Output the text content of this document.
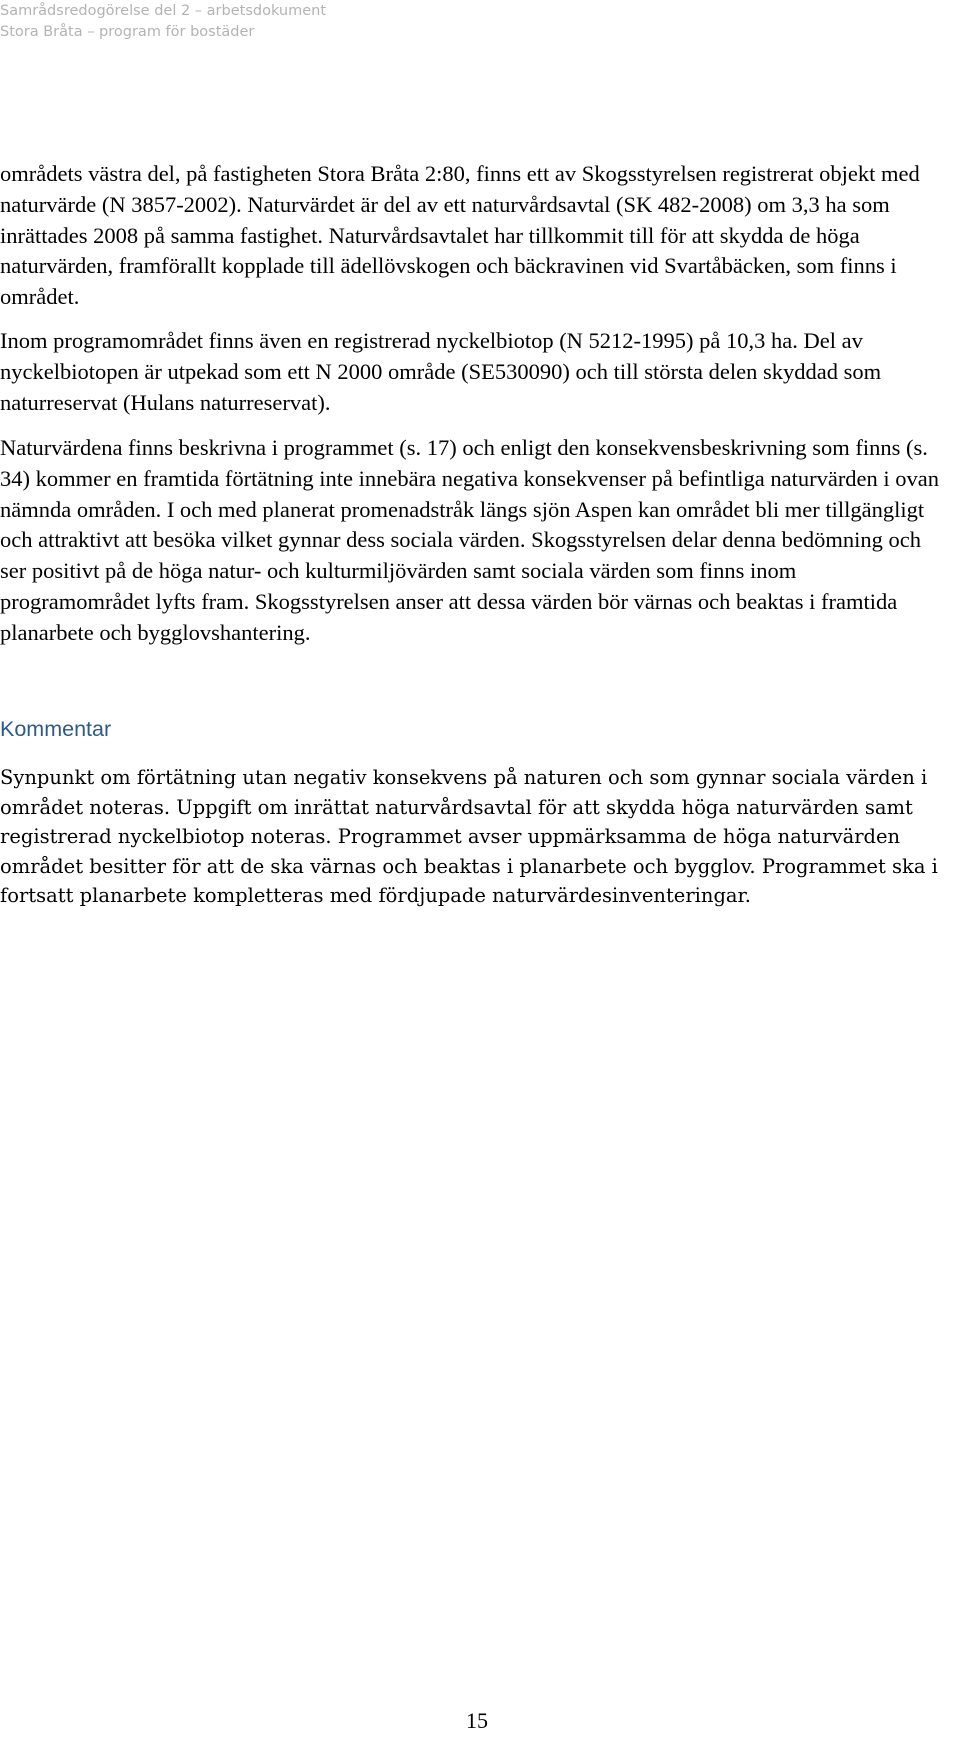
Samrådsredogörelse del 2 – arbetsdokument
Stora Bråta – program för bostäder

områdets västra del, på fastigheten Stora Bråta 2:80, finns ett av Skogsstyrelsen registrerat objekt med naturvärde (N 3857-2002). Naturvärdet är del av ett naturvårdsavtal (SK 482-2008) om 3,3 ha som inrättades 2008 på samma fastighet. Naturvårdsavtalet har tillkommit till för att skydda de höga naturvärden, framförallt kopplade till ädellövskogen och bäckravinen vid Svartåbäcken, som finns i området.

Inom programområdet finns även en registrerad nyckelbiotop (N 5212-1995) på 10,3 ha. Del av nyckelbiotopen är utpekad som ett N 2000 område (SE530090) och till största delen skyddad som naturreservat (Hulans naturreservat).

Naturvärdena finns beskrivna i programmet (s. 17) och enligt den konsekvensbeskrivning som finns (s. 34) kommer en framtida förtätning inte innebära negativa konsekvenser på befintliga naturvärden i ovan nämnda områden. I och med planerat promenadstråk längs sjön Aspen kan området bli mer tillgängligt och attraktivt att besöka vilket gynnar dess sociala värden. Skogsstyrelsen delar denna bedömning och ser positivt på de höga natur- och kulturmiljövärden samt sociala värden som finns inom programområdet lyfts fram. Skogsstyrelsen anser att dessa värden bör värnas och beaktas i framtida planarbete och bygglovshantering.

Kommentar

Synpunkt om förtätning utan negativ konsekvens på naturen och som gynnar sociala värden i området noteras. Uppgift om inrättat naturvårdsavtal för att skydda höga naturvärden samt registrerad nyckelbiotop noteras. Programmet avser uppmärksamma de höga naturvärden området besitter för att de ska värnas och beaktas i planarbete och bygglov. Programmet ska i fortsatt planarbete kompletteras med fördjupade naturvärdesinventeringar.

15
